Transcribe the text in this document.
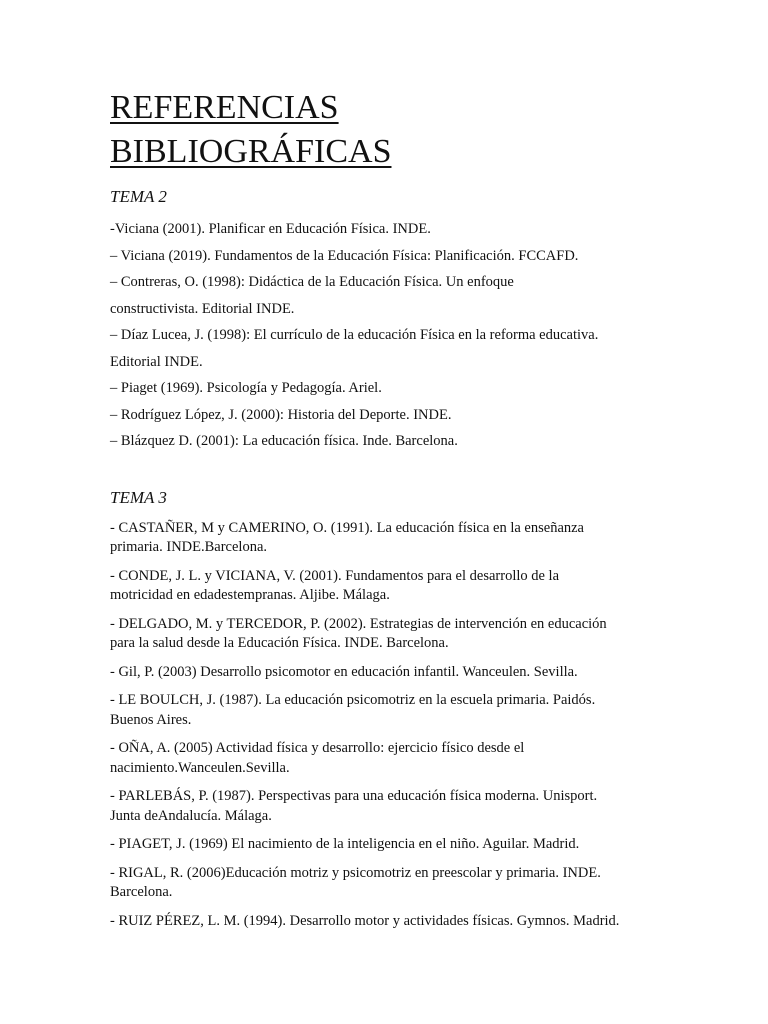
REFERENCIAS
BIBLIOGRÁFICAS
TEMA 2

-Viciana (2001). Planificar en Educación Física. INDE.

– Viciana (2019). Fundamentos de la Educación Física: Planificación. FCCAFD.

– Contreras, O. (1998): Didáctica de la Educación Física. Un enfoque

constructivista. Editorial INDE.

– Díaz Lucea, J. (1998): El currículo de la educación Física en la reforma educativa.

Editorial INDE.

– Piaget (1969). Psicología y Pedagogía. Ariel.

– Rodríguez López, J. (2000): Historia del Deporte. INDE.

– Blázquez D. (2001): La educación física. Inde. Barcelona.

TEMA 3

- CASTAÑER, M y CAMERINO, O. (1991). La educación física en la enseñanza
primaria. INDE.Barcelona.

- CONDE, J. L. y VICIANA, V. (2001). Fundamentos para el desarrollo de la
motricidad en edadestempranas. Aljibe. Málaga.

- DELGADO, M. y TERCEDOR, P. (2002). Estrategias de intervención en educación
para la salud desde la Educación Física. INDE. Barcelona.

- Gil, P. (2003) Desarrollo psicomotor en educación infantil. Wanceulen. Sevilla.

- LE BOULCH, J. (1987). La educación psicomotriz en la escuela primaria. Paidós.
Buenos Aires.

- OÑA, A. (2005) Actividad física y desarrollo: ejercicio físico desde el
nacimiento.Wanceulen.Sevilla.

- PARLEBÁS, P. (1987). Perspectivas para una educación física moderna. Unisport.
Junta deAndalucía. Málaga.

- PIAGET, J. (1969) El nacimiento de la inteligencia en el niño. Aguilar. Madrid.

- RIGAL, R. (2006)Educación motriz y psicomotriz en preescolar y primaria. INDE.
Barcelona.

- RUIZ PÉREZ, L. M. (1994). Desarrollo motor y actividades físicas. Gymnos. Madrid.
